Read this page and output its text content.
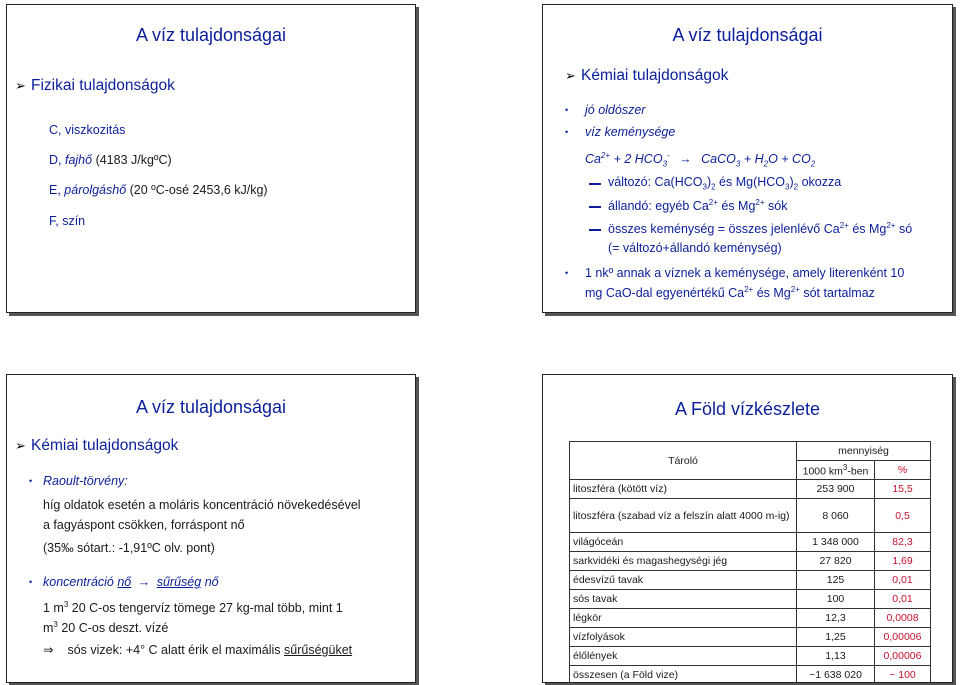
A víz tulajdonságai
➢ Fizikai tulajdonságok
C, viszkozitás
D, fajhő (4183 J/kgºC)
E, párolgáshő (20 ºC-osé 2453,6 kJ/kg)
F, szín
A víz tulajdonságai
➢ Kémiai tulajdonságok
• jó oldószer
• víz keménysége
$Ca^{2+} + 2$ $HCO_3^-$ → CaCO$_3$ + $H_2O + CO_2$
változó: $Ca(HCO_3)_2$ és $Mg(HCO_3)_2$ okozza
állandó: egyéb $Ca^{2+}$ és $Mg^{2+}$ sók
összes keménység = összes jelenlévő $Ca^{2+}$ és $Mg^{2+}$ só
(= változó+állandó keménység)
• 1 nkº annak a víznek a keménysége, amely literenként 10
mg CaO-dal egyenértékű $Ca^{2+}$ és $Mg^{2+}$ sót tartalmaz
A víz tulajdonságai
➢ Kémiai tulajdonságok
• Raoult-törvény:
híg oldatok esetén a moláris koncentráció növekedésével
a fagyáspont csökken, forráspont nő
(35‰ sótart.: -1,91ºC olv. pont)
• koncentráció nő → sűrűség nő
1 $m^3$ 20 C-os tengervíz tömege 27 kg-mal több, mint 1
$m^3$ 20 C-os deszt. vízé
⇒ sós vizek: +4° C alatt érik el maximális sűrűségüket
A Föld vízkészlete
Tároló	mennyiség	
	1000 $km^3$-ben	%
litoszféra (kötött víz)	253 900	15,5
litoszféra (szabad víz a felszín alatt 4000 m-ig)	8 060	0,5
világóceán	1 348 000	82,3
sarkvidéki és magashegységi jég	27 820	1,69
édesvízű tavak	125	0,01
sós tavak	100	0,01
légkör	12,3	0,0008
vízfolyások	1,25	0,00006
élőlények	1,13	0,00006
összesen (a Föld vize)	~1 638 020	~ 100
